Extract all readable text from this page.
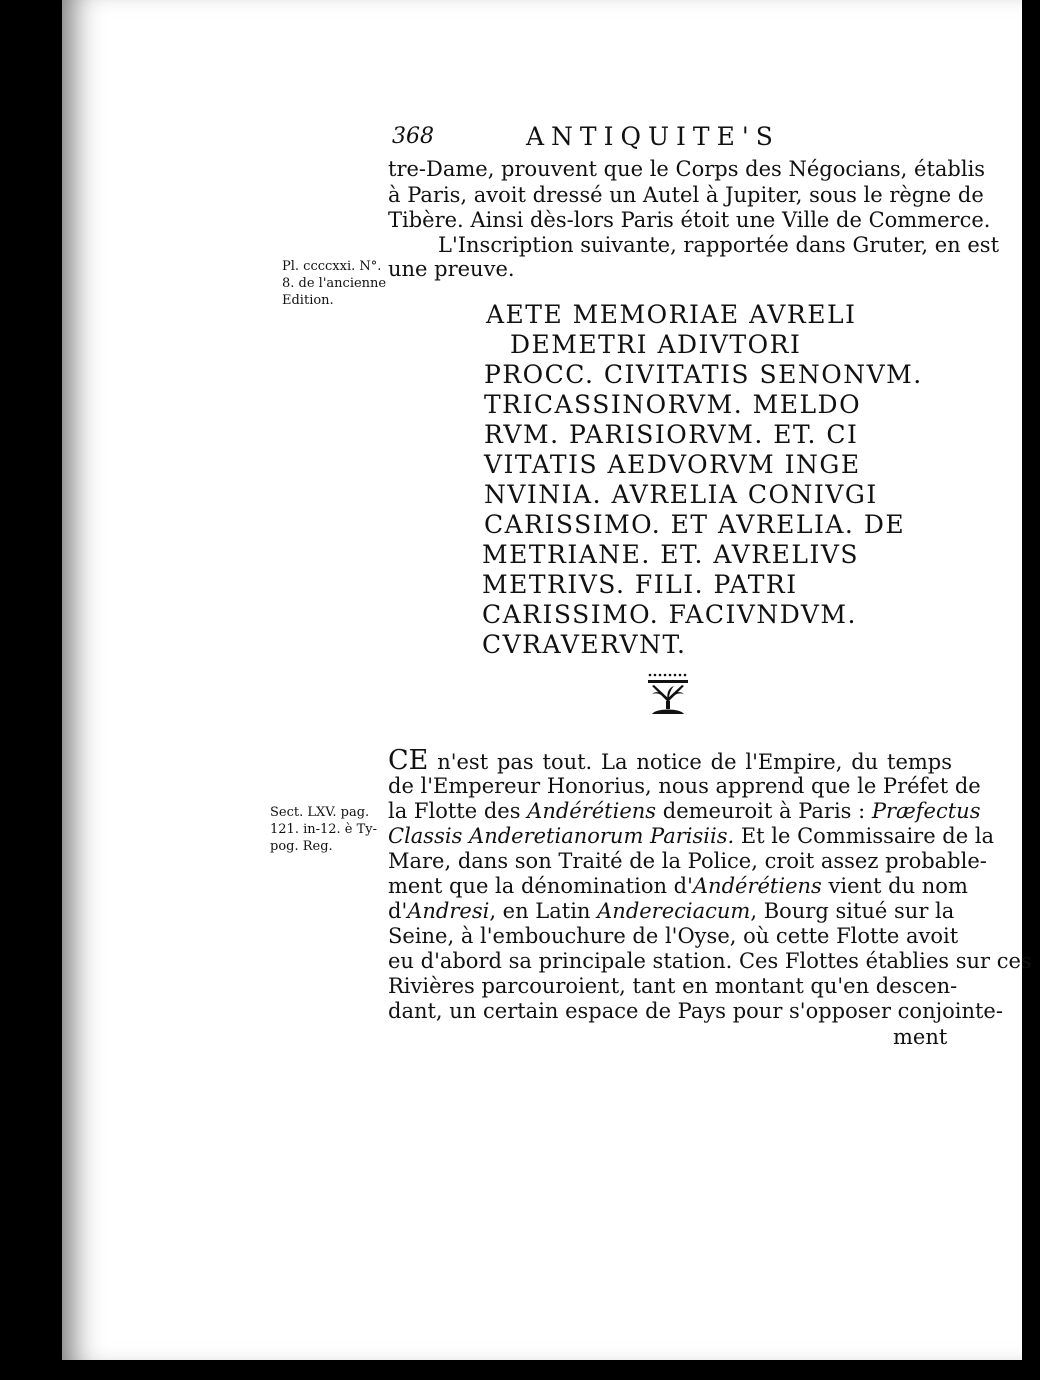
368	ANTIQUITE'S
tre-Dame, prouvent que le Corps des Négocians, établis
à Paris, avoit dressé un Autel à Jupiter, sous le règne de
Tibère. Ainsi dès-lors Paris étoit une Ville de Commerce.
L'Inscription suivante, rapportée dans Gruter, en est
une preuve.
Pl. ccccxxi. N°.
8. de l'ancienne
Edition.	AETE MEMORIAE AVRELI
DEMETRI ADIVTORI
PROCC. CIVITATIS SENONVM.
TRICASSINORVM. MELDO
RVM. PARISIORVM. ET. CI
VITATIS AEDVORVM INGE
NVINIA. AVRELIA CONIVGI
CARISSIMO. ET AVRELIA. DE
METRIANE. ET. AVRELIVS
METRIVS. FILI. PATRI
CARISSIMO. FACIVNDVM.
CVRAVERVNT.
CE n'est pas tout. La notice de l'Empire, du temps
de l'Empereur Honorius, nous apprend que le Préfet de
la Flotte des Andérétiens demeuroit à Paris : Præfectus
Classis Anderetianorum Parisiis. Et le Commissaire de la
Mare, dans son Traité de la Police, croit assez probable-
ment que la dénomination d'Andérétiens vient du nom
d'Andresi, en Latin Andereciacum, Bourg situé sur la
Seine, à l'embouchure de l'Oyse, où cette Flotte avoit
eu d'abord sa principale station. Ces Flottes établies sur ces
Rivières parcouroient, tant en montant qu'en descen-
dant, un certain espace de Pays pour s'opposer conjointe-
ment
Sect. LXV. pag.
121. in-12. è Ty-
pog. Reg.
